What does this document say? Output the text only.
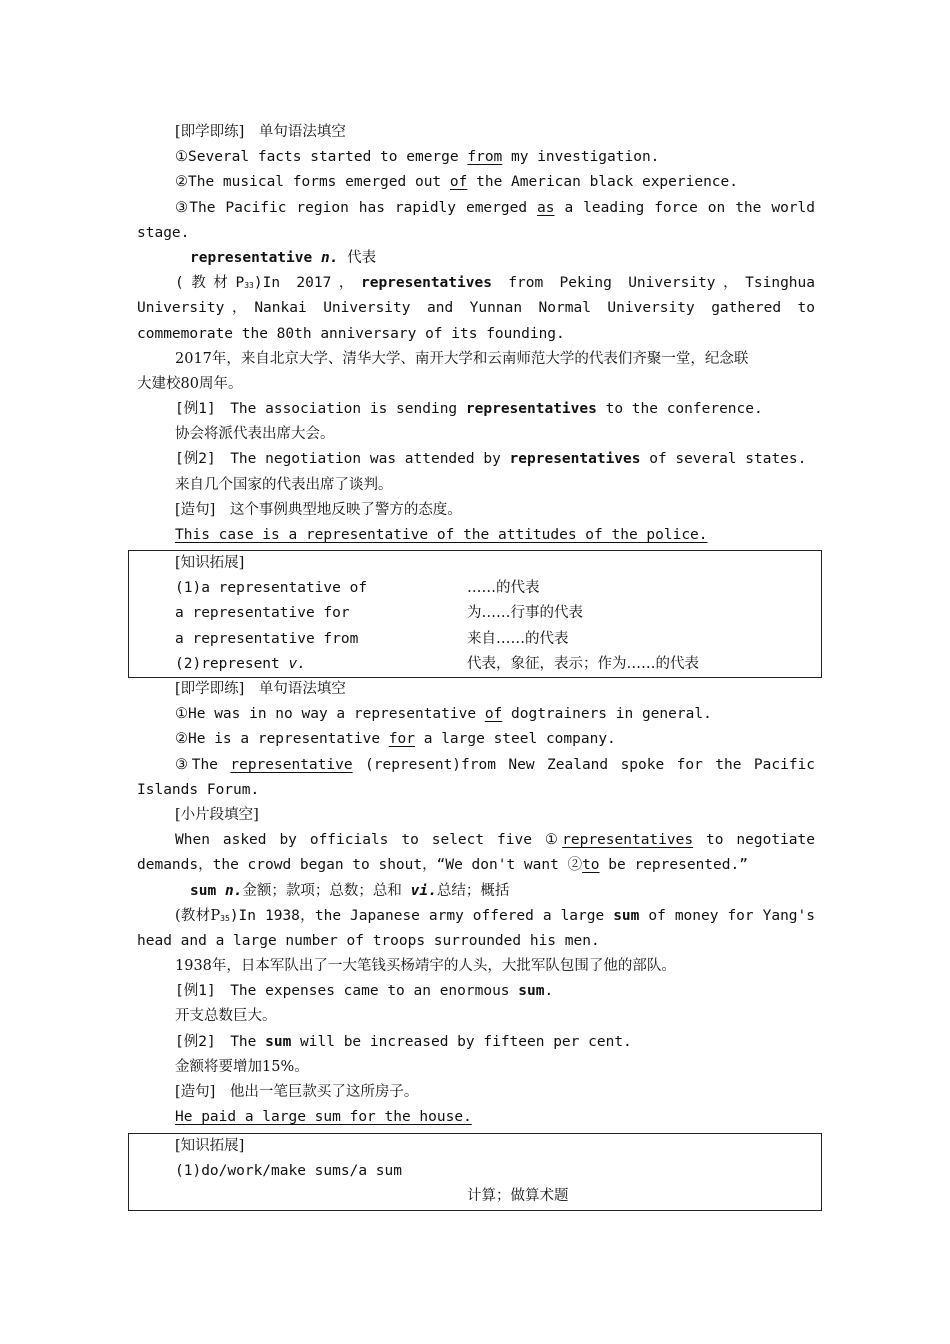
[即学即练]　单句语法填空
①Several facts started to emerge from my investigation.
②The musical forms emerged out of the American black experience.
③The Pacific region has rapidly emerged as a leading force on the world
stage.
representative n. 代表
(教材$P_{33})In$ 2017，representatives from Peking University，Tsinghua
University，Nankai University and Yunnan Normal University gathered to
commemorate the 80th anniversary of its founding.
2017年，来自北京大学、清华大学、南开大学和云南师范大学的代表们齐聚一堂，纪念联
大建校80周年。
[例1]　The association is sending representatives to the conference.
协会将派代表出席大会。
[例2]　The negotiation was attended by representatives of several states.
来自几个国家的代表出席了谈判。
[造句]　这个事例典型地反映了警方的态度。
This case is a representative of the attitudes of the police.
[知识拓展]
(1)a representative of	……的代表
a representative for	为……行事的代表
a representative from	来自……的代表
(2)represent v.	代表，象征，表示；作为……的代表
[即学即练]　单句语法填空
①He was in no way a representative of dogtrainers in general.
②He is a representative for a large steel company.
③The representative (represent)from New Zealand spoke for the Pacific
Islands Forum.
[小片段填空]
When asked by officials to select five ①representatives to negotiate
demands，the crowd began to shout，“We don't want ②to be represented.”
sum n.金额；款项；总数；总和 vi.总结；概括
(教材$P_{35})In$ 1938，the Japanese army offered a large sum of money for Yang's
head and a large number of troops surrounded his men.
1938年，日本军队出了一大笔钱买杨靖宇的人头，大批军队包围了他的部队。
[例1]　The expenses came to an enormous sum.
开支总数巨大。
[例2]　The sum will be increased by fifteen per cent.
金额将要增加15%。
[造句]　他出一笔巨款买了这所房子。
He paid a large sum for the house.
[知识拓展]
(1)do/work/make sums/a sum
计算；做算术题
